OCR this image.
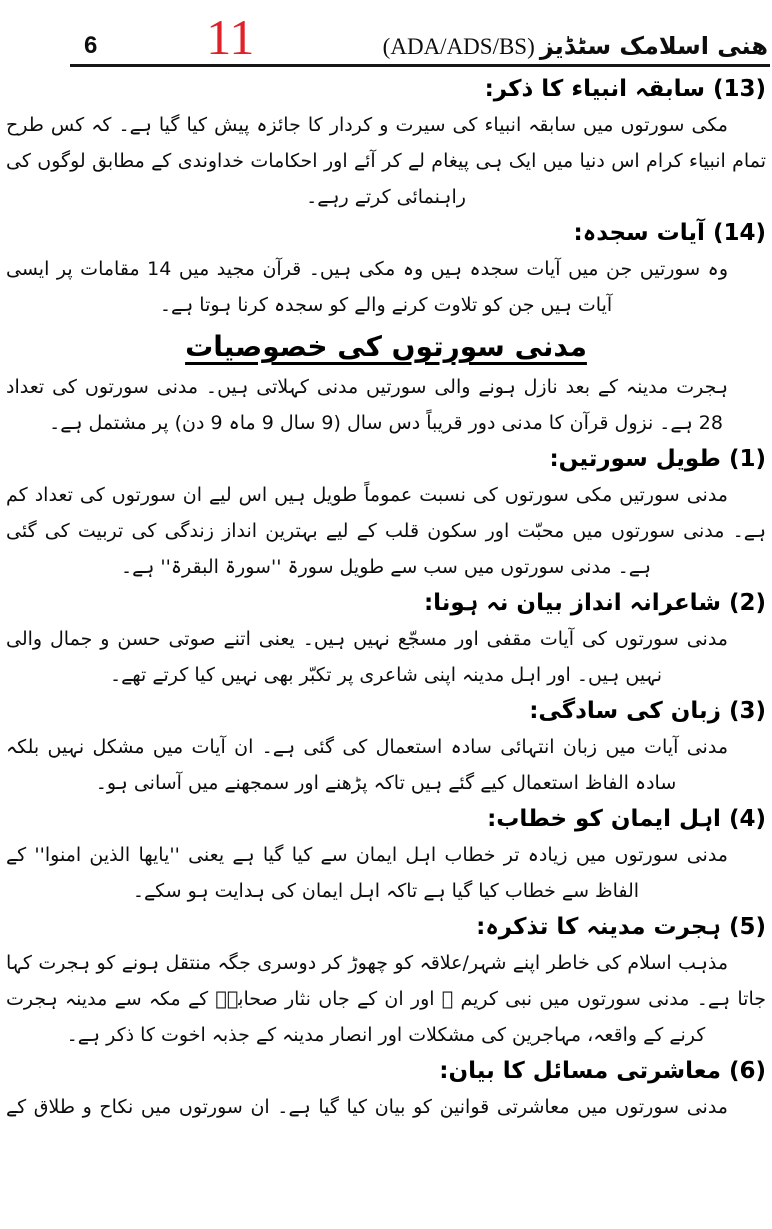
6	11	ھنی اسلامک سٹڈیز (ADA/ADS/BS)
(13) سابقہ انبیاء کا ذکر:

مکی سورتوں میں سابقہ انبیاء کی سیرت و کردار کا جائزہ پیش کیا گیا ہے۔ کہ کس طرح تمام انبیاء کرام اس دنیا میں ایک ہی پیغام لے کر آئے اور احکامات خداوندی کے مطابق لوگوں کی راہنمائی کرتے رہے۔

(14) آیات سجدہ:

وہ سورتیں جن میں آیات سجدہ ہیں وہ مکی ہیں۔ قرآن مجید میں 14 مقامات پر ایسی آیات ہیں جن کو تلاوت کرنے والے کو سجدہ کرنا ہوتا ہے۔

مدنی سورتوں کی خصوصیات

ہجرت مدینہ کے بعد نازل ہونے والی سورتیں مدنی کہلاتی ہیں۔ مدنی سورتوں کی تعداد 28 ہے۔ نزول قرآن کا مدنی دور قریباً دس سال (9 سال 9 ماہ 9 دن) پر مشتمل ہے۔

(1) طویل سورتیں:

مدنی سورتیں مکی سورتوں کی نسبت عموماً طویل ہیں اس لیے ان سورتوں کی تعداد کم ہے۔ مدنی سورتوں میں محبّت اور سکون قلب کے لیے بہترین انداز زندگی کی تربیت کی گئی ہے۔ مدنی سورتوں میں سب سے طویل سورۃ ''سورۃ البقرۃ'' ہے۔

(2) شاعرانہ انداز بیان نہ ہونا:

مدنی سورتوں کی آیات مقفی اور مسجّع نہیں ہیں۔ یعنی اتنے صوتی حسن و جمال والی نہیں ہیں۔ اور اہل مدینہ اپنی شاعری پر تکبّر بھی نہیں کیا کرتے تھے۔

(3) زبان کی سادگی:

مدنی آیات میں زبان انتہائی سادہ استعمال کی گئی ہے۔ ان آیات میں مشکل نہیں بلکہ سادہ الفاظ استعمال کیے گئے ہیں تاکہ پڑھنے اور سمجھنے میں آسانی ہو۔

(4) اہل ایمان کو خطاب:

مدنی سورتوں میں زیادہ تر خطاب اہل ایمان سے کیا گیا ہے یعنی ''یایھا الذین امنوا'' کے الفاظ سے خطاب کیا گیا ہے تاکہ اہل ایمان کی ہدایت ہو سکے۔

(5) ہجرت مدینہ کا تذکرہ:

مذہب اسلام کی خاطر اپنے شہر/علاقہ کو چھوڑ کر دوسری جگہ منتقل ہونے کو ہجرت کہا جاتا ہے۔ مدنی سورتوں میں نبی کریم ﷺ اور ان کے جاں نثار صحابہؓ کے مکہ سے مدینہ ہجرت کرنے کے واقعہ، مہاجرین کی مشکلات اور انصار مدینہ کے جذبہ اخوت کا ذکر ہے۔

(6) معاشرتی مسائل کا بیان:

مدنی سورتوں میں معاشرتی قوانین کو بیان کیا گیا ہے۔ ان سورتوں میں نکاح و طلاق کے
